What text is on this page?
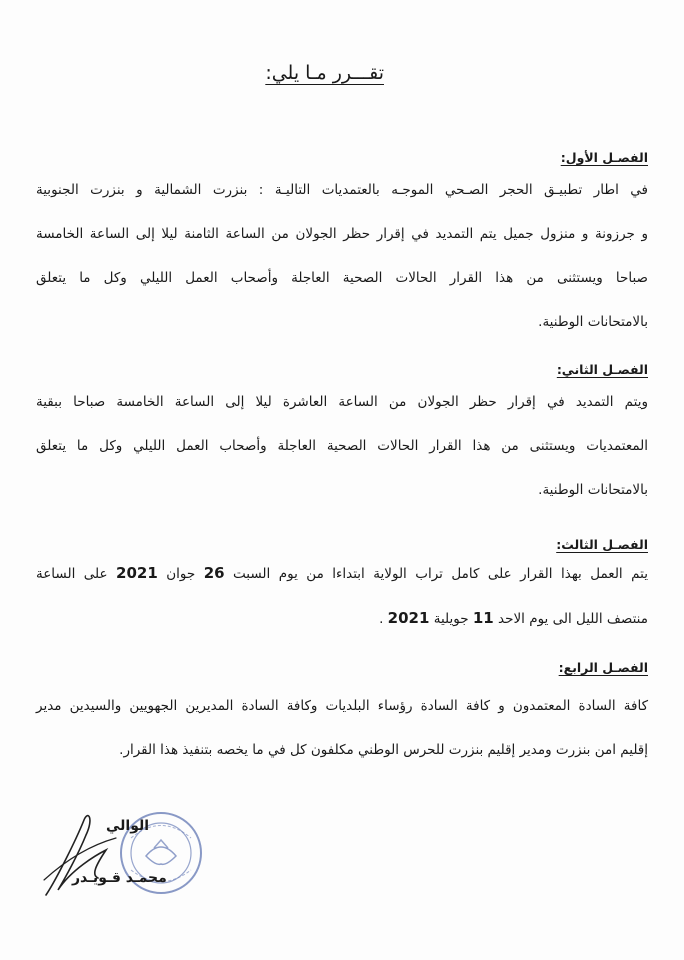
تقـــرر مـا يلي:
الفصـل الأول:
في اطار تطبيـق الحجر الصـحي الموجـه بالعتمديات التاليـة : بنزرت الشمالية و بنزرت الجنوبية
و جرزونة و منزول جميل يتم التمديد في إقرار حظر الجولان من الساعة الثامنة ليلا إلى الساعة الخامسة
صباحا ويستثنى من هذا القرار الحالات الصحية العاجلة وأصحاب العمل الليلي وكل ما يتعلق
بالامتحانات الوطنية.
الفصـل الثاني:
ويتم التمديد في إقرار حظر الجولان من الساعة العاشرة ليلا إلى الساعة الخامسة صباحا ببقية
المعتمديات ويستثنى من هذا القرار الحالات الصحية العاجلة وأصحاب العمل الليلي وكل ما يتعلق
بالامتحانات الوطنية.
الفصـل الثالث:
يتم العمل بهذا القرار على كامل تراب الولاية ابتداءا من يوم السبت 26 جوان 2021 على الساعة
منتصف الليل الى يوم الاحد 11 جويلية 2021 .
الفصـل الرابع:
كافة السادة المعتمدون و كافة السادة رؤساء البلديات وكافة السادة المديرين الجهويين والسيدين مدير
إقليم امن بنزرت ومدير إقليم بنزرت للحرس الوطني مكلفون كل في ما يخصه بتنفيذ هذا القرار.

الوالي

محمـد قـويـدر
